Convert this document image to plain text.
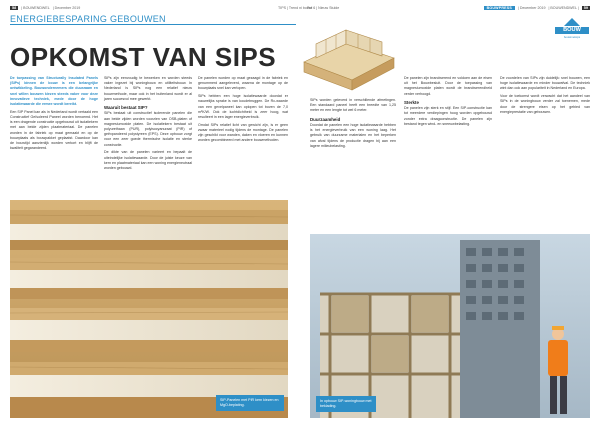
58	| BOUWENDWEL | December 2019	TIPS | Trend ni bouwl
Pul 6 | Nieuw Stulde	BOUWPRESS	| December 2019 | BOUWENDWEL |	59
ENERGIEBESPARING GEBOUWEN
OPKOMST VAN SIPS
BOUW
bouwmetsips

De toepassing van Structurally Insulated Panels (SIPs) binnen de bouw is een belangrijke ontwikkeling. Bouwondernemers die duurzaam en snel willen bouwen kiezen steeds vaker voor deze innovatieve techniek, mede door de hoge isolatiewaarde die ermee wordt bereikt.

Een SIP Panel kan als in Nederland wordt vertaald een Constructief Geïsoleerd Paneel worden benoemd. Het is een dragende constructie opgebouwd uit isolatiekern met aan beide zijden plaatmateriaal. De panelen worden in de fabriek op maat gemaakt en op de bouwplaats als bouwpakket geplaatst. Daardoor kan de bouwtijd aanzienlijk worden verkort en blijft de kwaliteit gegarandeerd.

SIPs zijn eenvoudig te bewerken en worden steeds vaker ingezet bij woningbouw en utiliteitsbouw. In Nederland is SIPs nog een relatief nieuw bouwmethode, maar ook in het buitenland wordt er al jaren succesvol mee gewerkt.

Waaruit bestaat SIP?

SIPs bestaat uit constructief isolerende panelen die aan beide zijden worden voorzien van OSB-platen of magnesiumoxide platen. De isolatiekern bestaat uit polyurethaan (PUR), polyisocyanuraat (PIR) of geëxpandeerd polystyreen (EPS). Deze opbouw zorgt voor een zeer goede thermische isolatie en sterke constructie.

De dikte van de panelen varieert en bepaalt de uiteindelijke isolatiewaarde. Door de juiste keuze van kern en plaatmateriaal kan een woning energieneutraal worden gebouwd.

De panelen worden op maat gezaagd in de fabriek en genummerd aangeleverd, waarna de montage op de bouwplaats snel kan verlopen.

SIPs hebben een hoge isolatiewaarde doordat er nauwelijks sprake is van koudebruggen. De Rc-waarde van een gevelpaneel kan oplopen tot boven de 7,0 m²K/W. Ook de luchtdichtheid is zeer hoog, wat resulteert in een lager energieverbruik.

Omdat SIPs relatief licht van gewicht zijn, is er geen zwaar materieel nodig tijdens de montage. De panelen zijn geschikt voor wanden, daken en vloeren en kunnen worden gecombineerd met andere bouwmethoden.

SIP-Panelen met PIR kern kiezen en MgO-beplating.

SIPs worden geleverd in verschillende afmetingen. Een standaard paneel heeft een breedte van 1,25 meter en een lengte tot wel 6 meter.

Duurzaamheid

Doordat de panelen een hoge isolatiewaarde hebben is het energieverbruik van een woning laag. Het gebruik van duurzame materialen en het beperken van afval tijdens de productie dragen bij aan een lagere milieubelasting.

De panelen zijn brandwerend en voldoen aan de eisen uit het Bouwbesluit. Door de toepassing van magnesiumoxide platen wordt de brandwerendheid verder verhoogd.

Sterkte

De panelen zijn sterk en stijf. Een SIP-constructie kan tot meerdere verdiepingen hoog worden opgebouwd zonder extra draagconstructie. De panelen zijn bestand tegen wind- en sneeuwbelasting.

De voordelen van SIPs zijn duidelijk: snel bouwen, een hoge isolatiewaarde en minder bouwafval. De techniek wint dan ook aan populariteit in Nederland en Europa.

Voor de toekomst wordt verwacht dat het aandeel van SIPs in de woningbouw verder zal toenemen, mede door de strengere eisen op het gebied van energieprestatie van gebouwen.

In opbouw SIP-woningbouw met beklading.
